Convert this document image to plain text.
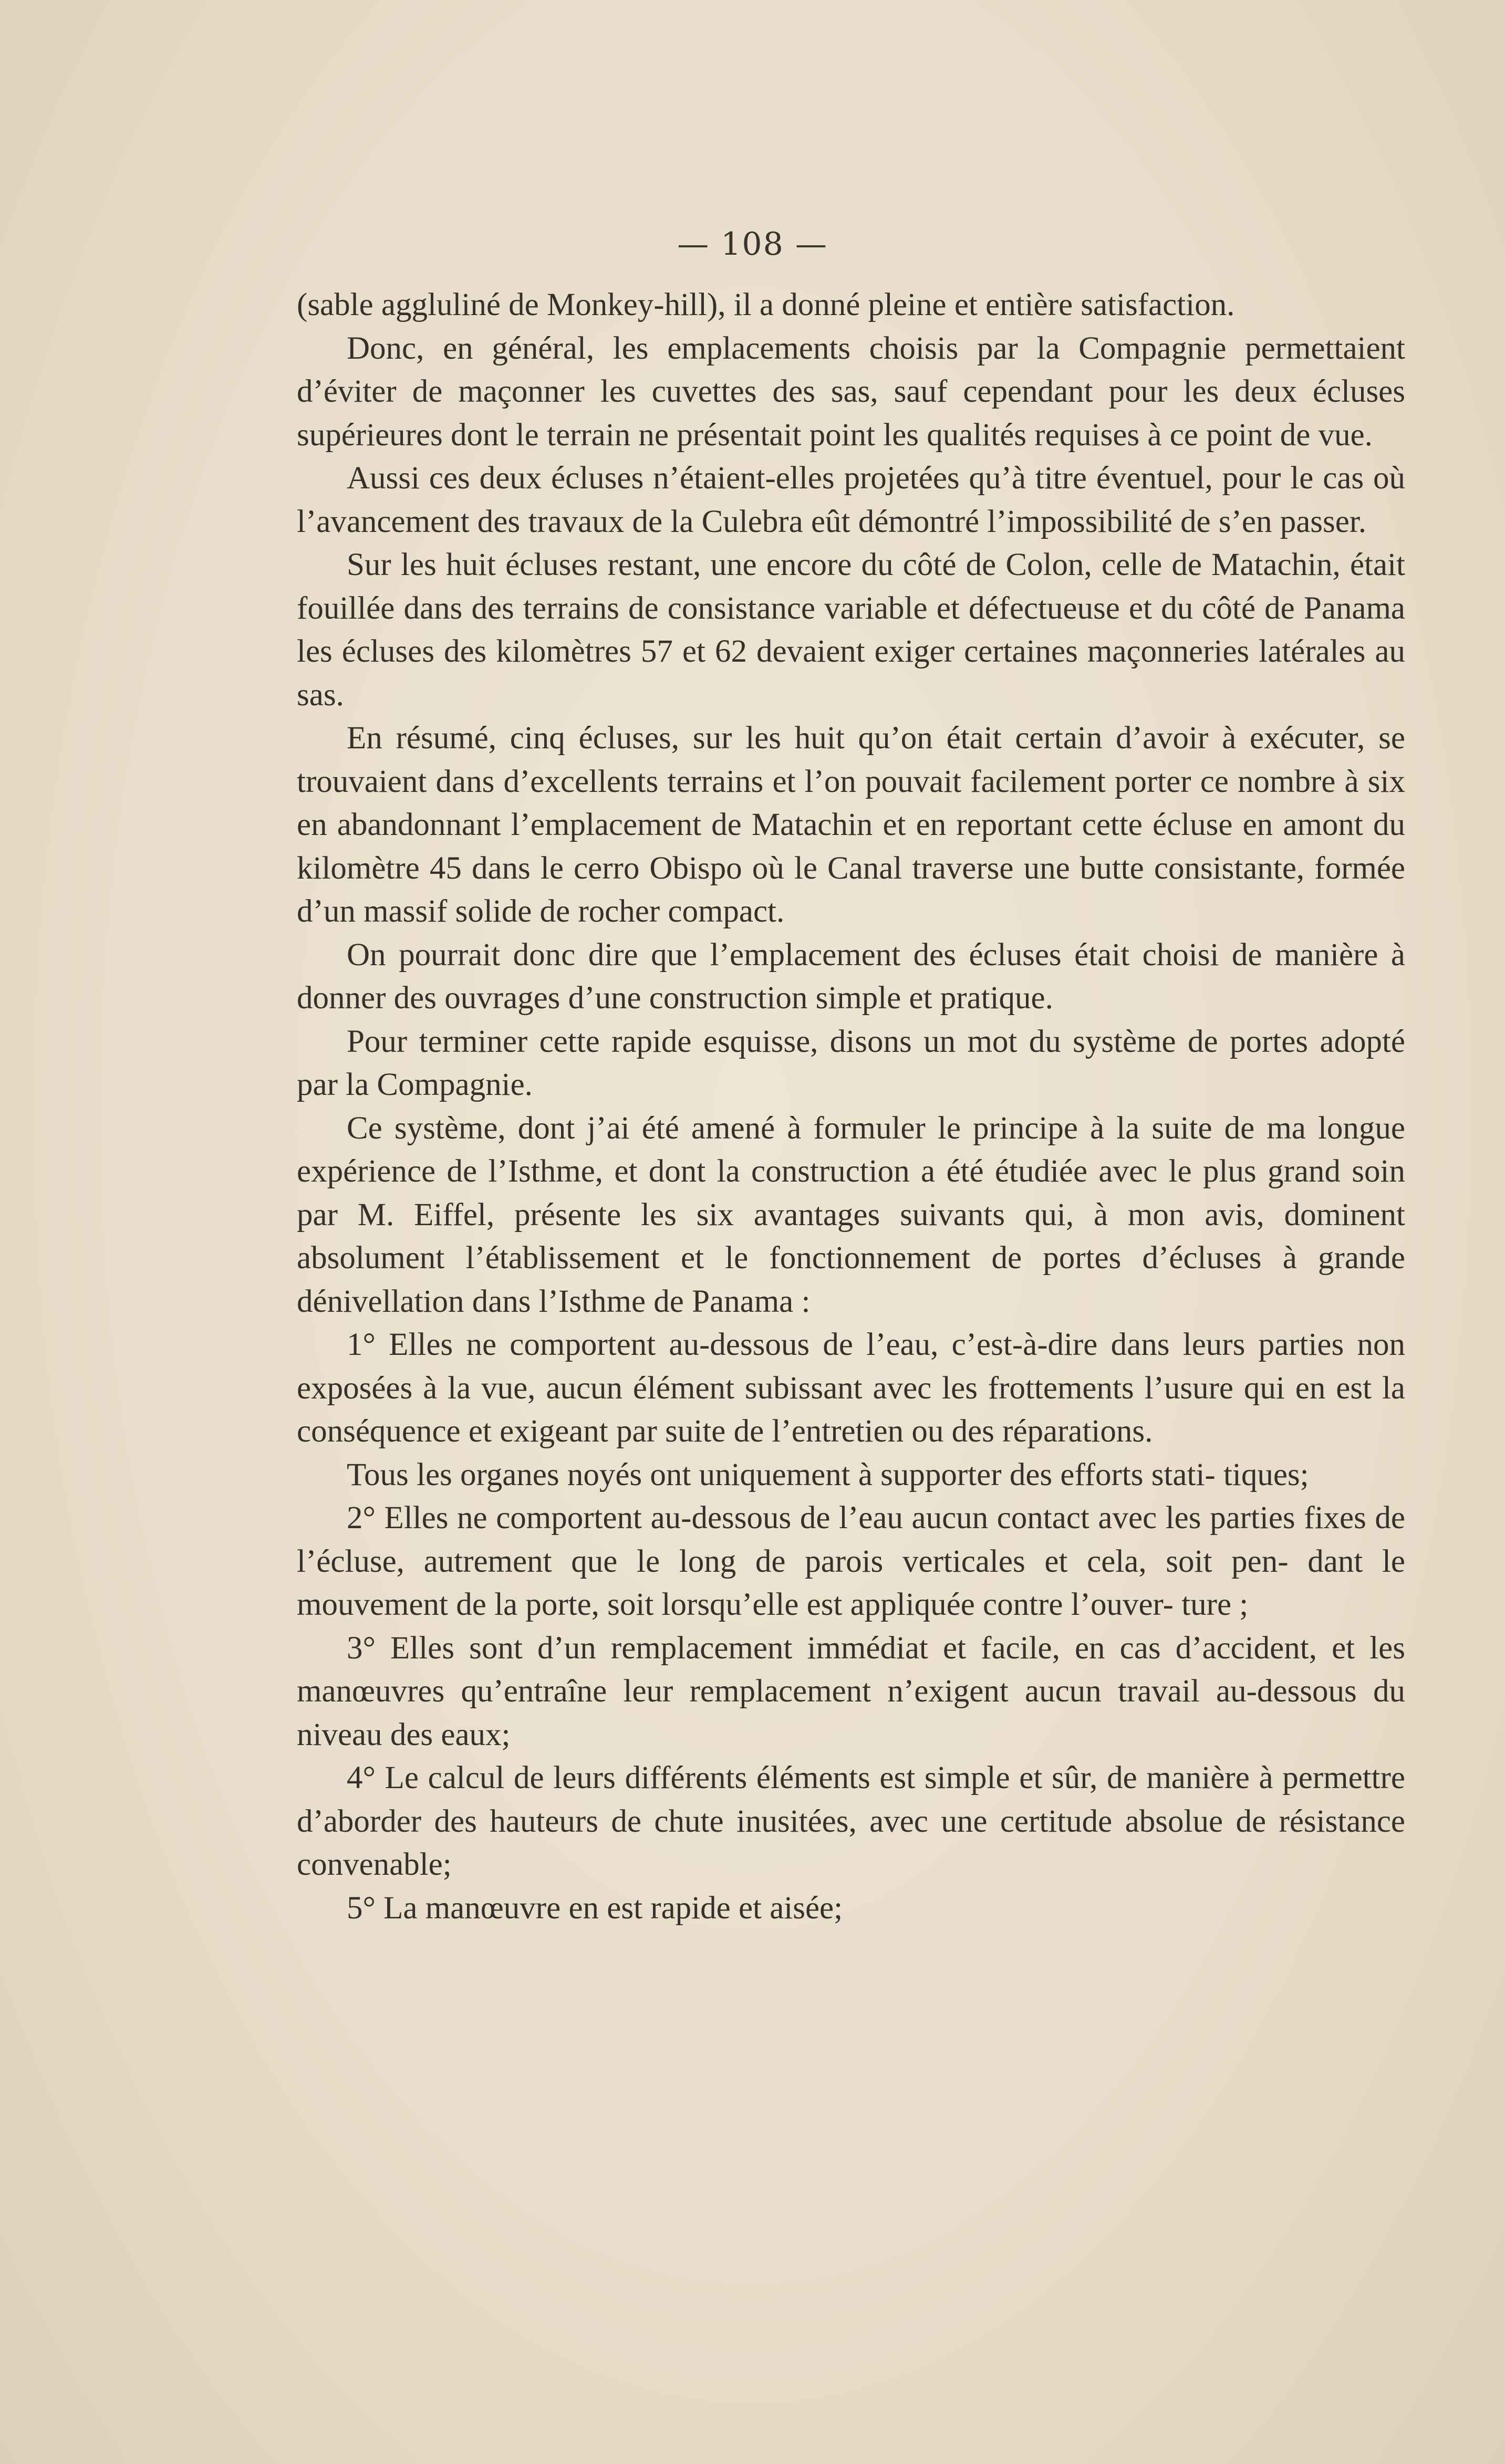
— 108 —

(sable aggluliné de Monkey-hill), il a donné pleine et entière satisfaction.

Donc, en général, les emplacements choisis par la Compagnie permettaient d’éviter de maçonner les cuvettes des sas, sauf cependant pour les deux écluses supérieures dont le terrain ne présentait point les qualités requises à ce point de vue.

Aussi ces deux écluses n’étaient-elles projetées qu’à titre éventuel, pour le cas où l’avancement des travaux de la Culebra eût démontré l’impossibilité de s’en passer.

Sur les huit écluses restant, une encore du côté de Colon, celle de Matachin, était fouillée dans des terrains de consistance variable et défectueuse et du côté de Panama les écluses des kilomètres 57 et 62 devaient exiger certaines maçonneries latérales au sas.

En résumé, cinq écluses, sur les huit qu’on était certain d’avoir à exécuter, se trouvaient dans d’excellents terrains et l’on pouvait facilement porter ce nombre à six en abandonnant l’emplacement de Matachin et en reportant cette écluse en amont du kilomètre 45 dans le cerro Obispo où le Canal traverse une butte consistante, formée d’un massif solide de rocher compact.

On pourrait donc dire que l’emplacement des écluses était choisi de manière à donner des ouvrages d’une construction simple et pratique.

Pour terminer cette rapide esquisse, disons un mot du système de portes adopté par la Compagnie.

Ce système, dont j’ai été amené à formuler le principe à la suite de ma longue expérience de l’Isthme, et dont la construction a été étudiée avec le plus grand soin par M. Eiffel, présente les six avantages suivants qui, à mon avis, dominent absolument l’établissement et le fonctionnement de portes d’écluses à grande dénivellation dans l’Isthme de Panama :

1° Elles ne comportent au-dessous de l’eau, c’est-à-dire dans leurs parties non exposées à la vue, aucun élément subissant avec les frottements l’usure qui en est la conséquence et exigeant par suite de l’entretien ou des réparations.

Tous les organes noyés ont uniquement à supporter des efforts stati- tiques;

2° Elles ne comportent au-dessous de l’eau aucun contact avec les parties fixes de l’écluse, autrement que le long de parois verticales et cela, soit pen- dant le mouvement de la porte, soit lorsqu’elle est appliquée contre l’ouver- ture ;

3° Elles sont d’un remplacement immédiat et facile, en cas d’accident, et les manœuvres qu’entraîne leur remplacement n’exigent aucun travail au-dessous du niveau des eaux;

4° Le calcul de leurs différents éléments est simple et sûr, de manière à permettre d’aborder des hauteurs de chute inusitées, avec une certitude absolue de résistance convenable;

5° La manœuvre en est rapide et aisée;
